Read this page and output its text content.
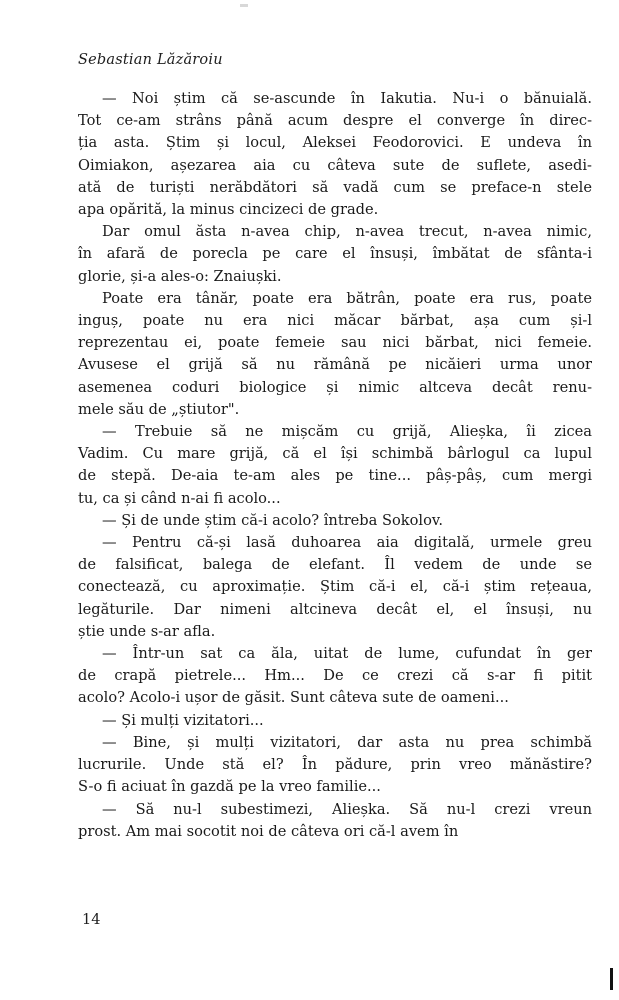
Sebastian Lăzăroiu

— Noi știm că se-ascunde în Iakutia. Nu-i o bănuială.
Tot ce-am strâns până acum despre el converge în direc-
ția asta. Știm și locul, Aleksei Feodorovici. E undeva în
Oimiakon, așezarea aia cu câteva sute de suflete, asedi-
ată de turiști nerăbdători să vadă cum se preface-n stele
apa opărită, la minus cincizeci de grade.

Dar omul ăsta n-avea chip, n-avea trecut, n-avea nimic,
în afară de porecla pe care el însuși, îmbătat de sfânta-i
glorie, și-a ales-o: Znaiușki.

Poate era tânăr, poate era bătrân, poate era rus, poate
inguș, poate nu era nici măcar bărbat, așa cum și-l
reprezentau ei, poate femeie sau nici bărbat, nici femeie.
Avusese el grijă să nu rămână pe nicăieri urma unor
asemenea coduri biologice și nimic altceva decât renu-
mele său de „știutor".

— Trebuie să ne mișcăm cu grijă, Alieșka, îi zicea
Vadim. Cu mare grijă, că el își schimbă bârlogul ca lupul
de stepă. De-aia te-am ales pe tine... pâș-pâș, cum mergi
tu, ca și când n-ai fi acolo...

— Și de unde știm că-i acolo? întreba Sokolov.

— Pentru că-și lasă duhoarea aia digitală, urmele greu
de falsificat, balega de elefant. Îl vedem de unde se
conectează, cu aproximație. Știm că-i el, că-i știm rețeaua,
legăturile. Dar nimeni altcineva decât el, el însuși, nu
știe unde s-ar afla.

— Într-un sat ca ăla, uitat de lume, cufundat în ger
de crapă pietrele... Hm... De ce crezi că s-ar fi pitit
acolo? Acolo-i ușor de găsit. Sunt câteva sute de oameni...

— Și mulți vizitatori...

— Bine, și mulți vizitatori, dar asta nu prea schimbă
lucrurile. Unde stă el? În pădure, prin vreo mănăstire?
S-o fi aciuat în gazdă pe la vreo familie...

— Să nu-l subestimezi, Alieșka. Să nu-l crezi vreun
prost. Am mai socotit noi de câteva ori că-l avem în

14
